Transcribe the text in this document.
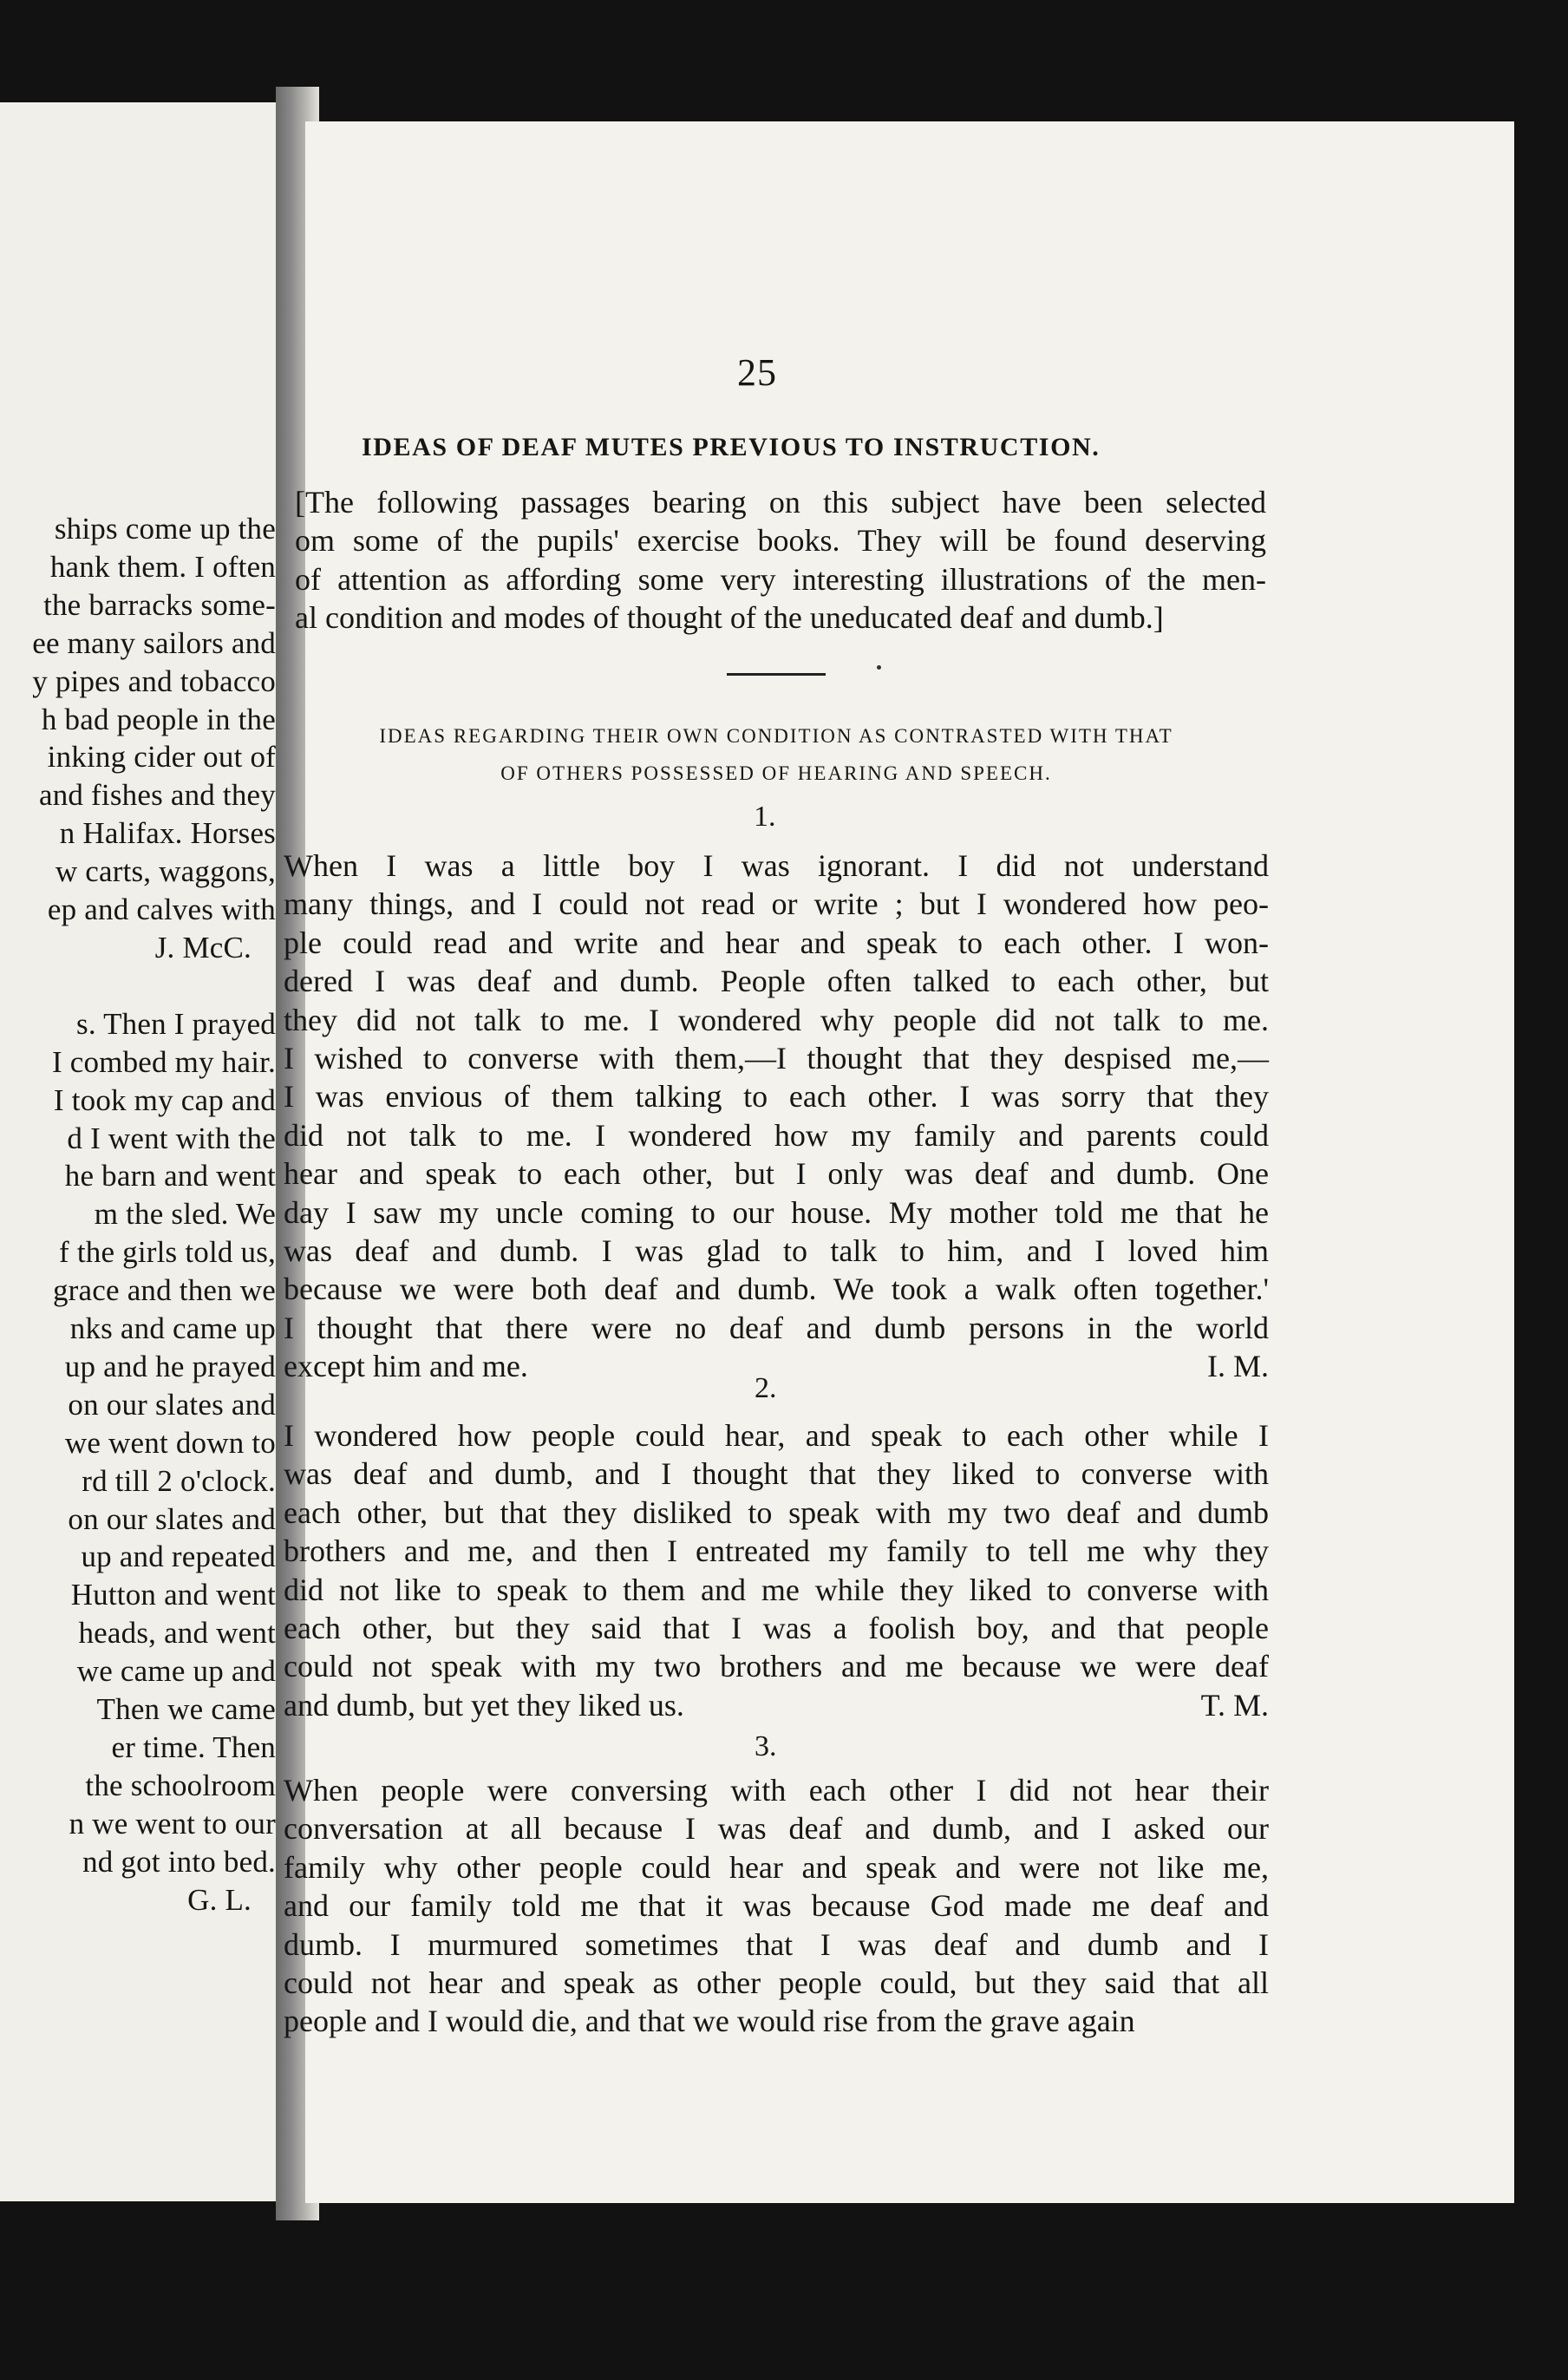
ships come up the
hank them. I often
the barracks some-
ee many sailors and
y pipes and tobacco
h bad people in the
inking cider out of
and fishes and they
n Halifax. Horses
w carts, waggons,
ep and calves with
J. McC.

s. Then I prayed
I combed my hair.
I took my cap and
d I went with the
he barn and went
m the sled. We
f the girls told us,
grace and then we
nks and came up
up and he prayed
on our slates and
we went down to
rd till 2 o'clock.
on our slates and
up and repeated
Hutton and went
heads, and went
we came up and
Then we came
er time. Then
the schoolroom
n we went to our
nd got into bed.
G. L.
25
IDEAS OF DEAF MUTES PREVIOUS TO INSTRUCTION.
[The following passages bearing on this subject have been selected
om some of the pupils' exercise books. They will be found deserving
of attention as affording some very interesting illustrations of the men-
al condition and modes of thought of the uneducated deaf and dumb.]
IDEAS REGARDING THEIR OWN CONDITION AS CONTRASTED WITH THAT
OF OTHERS POSSESSED OF HEARING AND SPEECH.
1.
When I was a little boy I was ignorant. I did not understand
many things, and I could not read or write ; but I wondered how peo-
ple could read and write and hear and speak to each other. I won-
dered I was deaf and dumb. People often talked to each other, but
they did not talk to me. I wondered why people did not talk to me.
I wished to converse with them,—I thought that they despised me,—
I was envious of them talking to each other. I was sorry that they
did not talk to me. I wondered how my family and parents could
hear and speak to each other, but I only was deaf and dumb. One
day I saw my uncle coming to our house. My mother told me that he
was deaf and dumb. I was glad to talk to him, and I loved him
because we were both deaf and dumb. We took a walk often together.'
I thought that there were no deaf and dumb persons in the world
except him and me.	I. M.
2.
I wondered how people could hear, and speak to each other while I
was deaf and dumb, and I thought that they liked to converse with
each other, but that they disliked to speak with my two deaf and dumb
brothers and me, and then I entreated my family to tell me why they
did not like to speak to them and me while they liked to converse with
each other, but they said that I was a foolish boy, and that people
could not speak with my two brothers and me because we were deaf
and dumb, but yet they liked us.	T. M.
3.
When people were conversing with each other I did not hear their
conversation at all because I was deaf and dumb, and I asked our
family why other people could hear and speak and were not like me,
and our family told me that it was because God made me deaf and
dumb. I murmured sometimes that I was deaf and dumb and I
could not hear and speak as other people could, but they said that all
people and I would die, and that we would rise from the grave again
